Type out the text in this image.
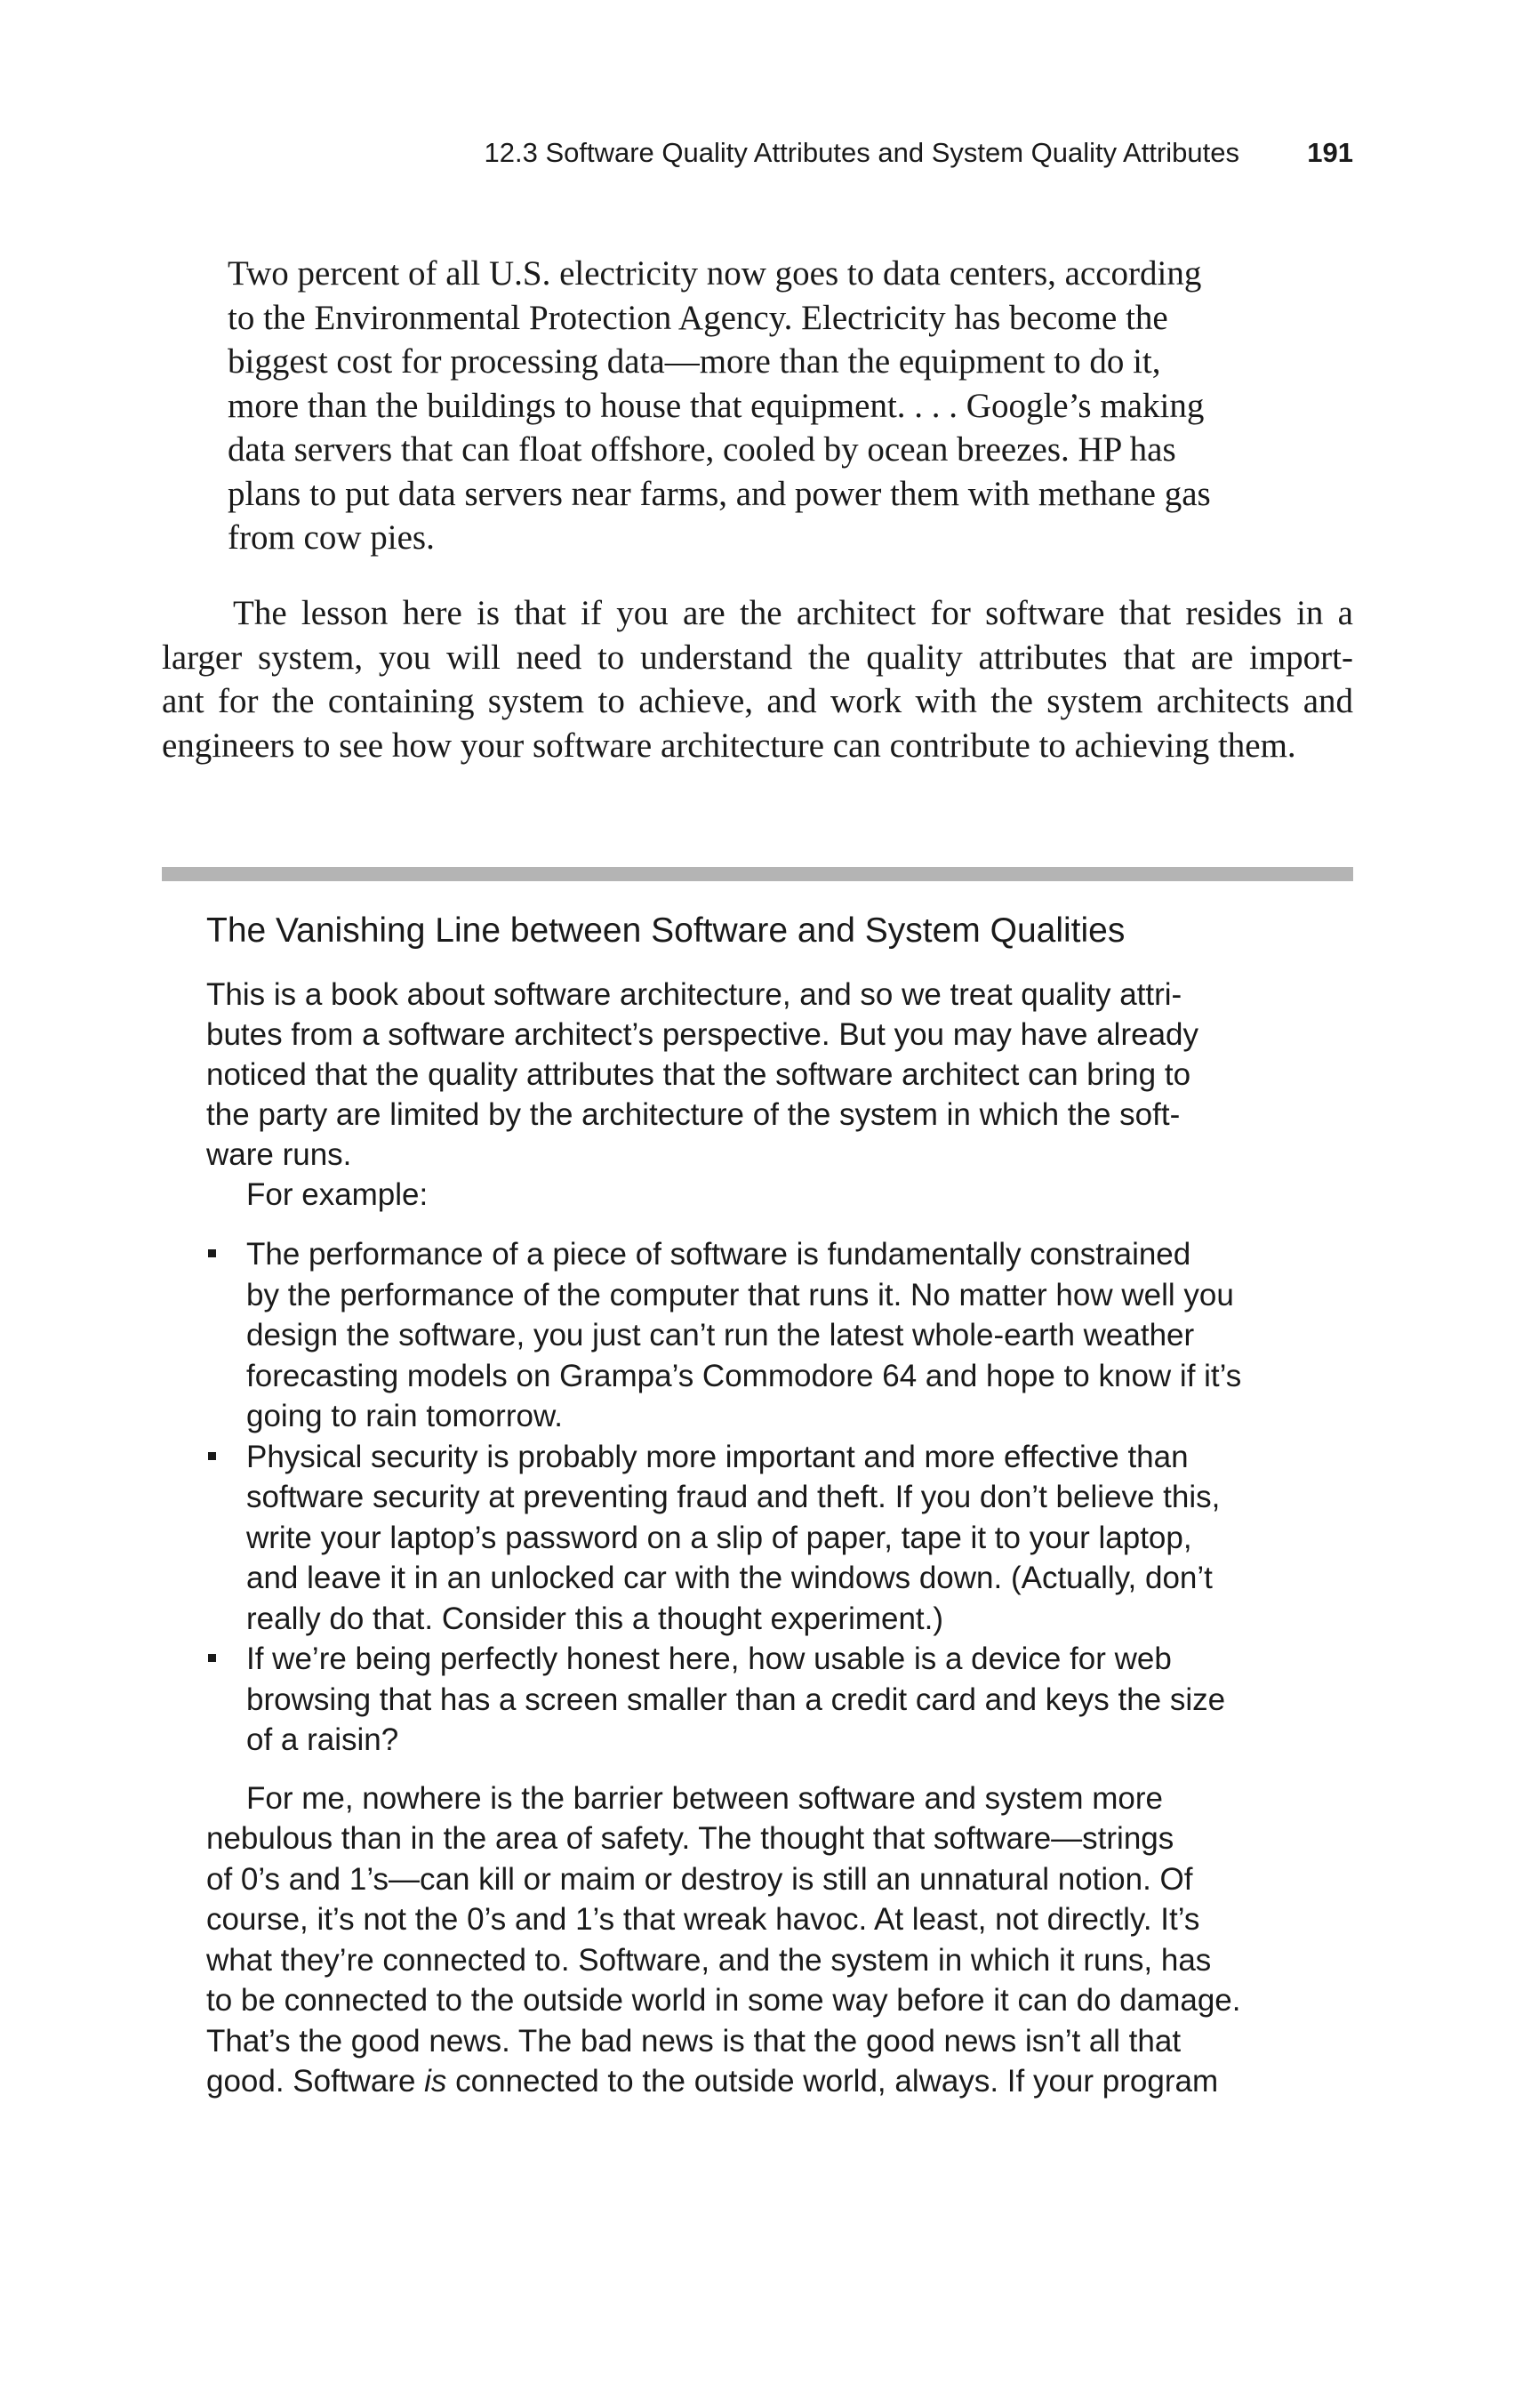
12.3 Software Quality Attributes and System Quality Attributes 191
Two percent of all U.S. electricity now goes to data centers, according
to the Environmental Protection Agency. Electricity has become the
biggest cost for processing data—more than the equipment to do it,
more than the buildings to house that equipment. . . . Google’s making
data servers that can float offshore, cooled by ocean breezes. HP has
plans to put data servers near farms, and power them with methane gas
from cow pies.
The lesson here is that if you are the architect for software that resides in a
larger system, you will need to understand the quality attributes that are import-
ant for the containing system to achieve, and work with the system architects and
engineers to see how your software architecture can contribute to achieving them.
The Vanishing Line between Software and System Qualities
This is a book about software architecture, and so we treat quality attri-
butes from a software architect’s perspective. But you may have already
noticed that the quality attributes that the software architect can bring to
the party are limited by the architecture of the system in which the soft-
ware runs.
For example:
The performance of a piece of software is fundamentally constrained
by the performance of the computer that runs it. No matter how well you
design the software, you just can’t run the latest whole-earth weather
forecasting models on Grampa’s Commodore 64 and hope to know if it’s
going to rain tomorrow.
Physical security is probably more important and more effective than
software security at preventing fraud and theft. If you don’t believe this,
write your laptop’s password on a slip of paper, tape it to your laptop,
and leave it in an unlocked car with the windows down. (Actually, don’t
really do that. Consider this a thought experiment.)
If we’re being perfectly honest here, how usable is a device for web
browsing that has a screen smaller than a credit card and keys the size
of a raisin?
For me, nowhere is the barrier between software and system more
nebulous than in the area of safety. The thought that software—strings
of 0’s and 1’s—can kill or maim or destroy is still an unnatural notion. Of
course, it’s not the 0’s and 1’s that wreak havoc. At least, not directly. It’s
what they’re connected to. Software, and the system in which it runs, has
to be connected to the outside world in some way before it can do damage.
That’s the good news. The bad news is that the good news isn’t all that
good. Software is connected to the outside world, always. If your program
